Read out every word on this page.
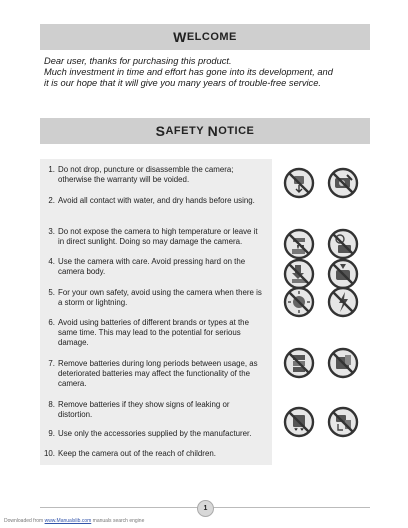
W ELCOME
Dear user, thanks for purchasing this product.
Much investment in time and effort has gone into its development, and
it is our hope that it will give you many years of trouble-free service.
S AFETY
N OTICE
1. Do not drop, puncture or disassemble the camera; otherwise the warranty will be voided.
2. Avoid all contact with water, and dry hands before using.
3. Do not expose the camera to high temperature or leave it in direct sunlight. Doing so may damage the camera.
4. Use the camera with care. Avoid pressing hard on the camera body.
5. For your own safety, avoid using the camera when there is a storm or lightning.
6. Avoid using batteries of different brands or types at the same time. This may lead to the potential for serious damage.
7. Remove batteries during long periods between usage, as deteriorated batteries may affect the functionality of the camera.
8. Remove batteries if they show signs of leaking or distortion.
9. Use only the accessories supplied by the manufacturer.
10. Keep the camera out of the reach of children.
1
Downloaded from www.Manualslib.com manuals search engine
